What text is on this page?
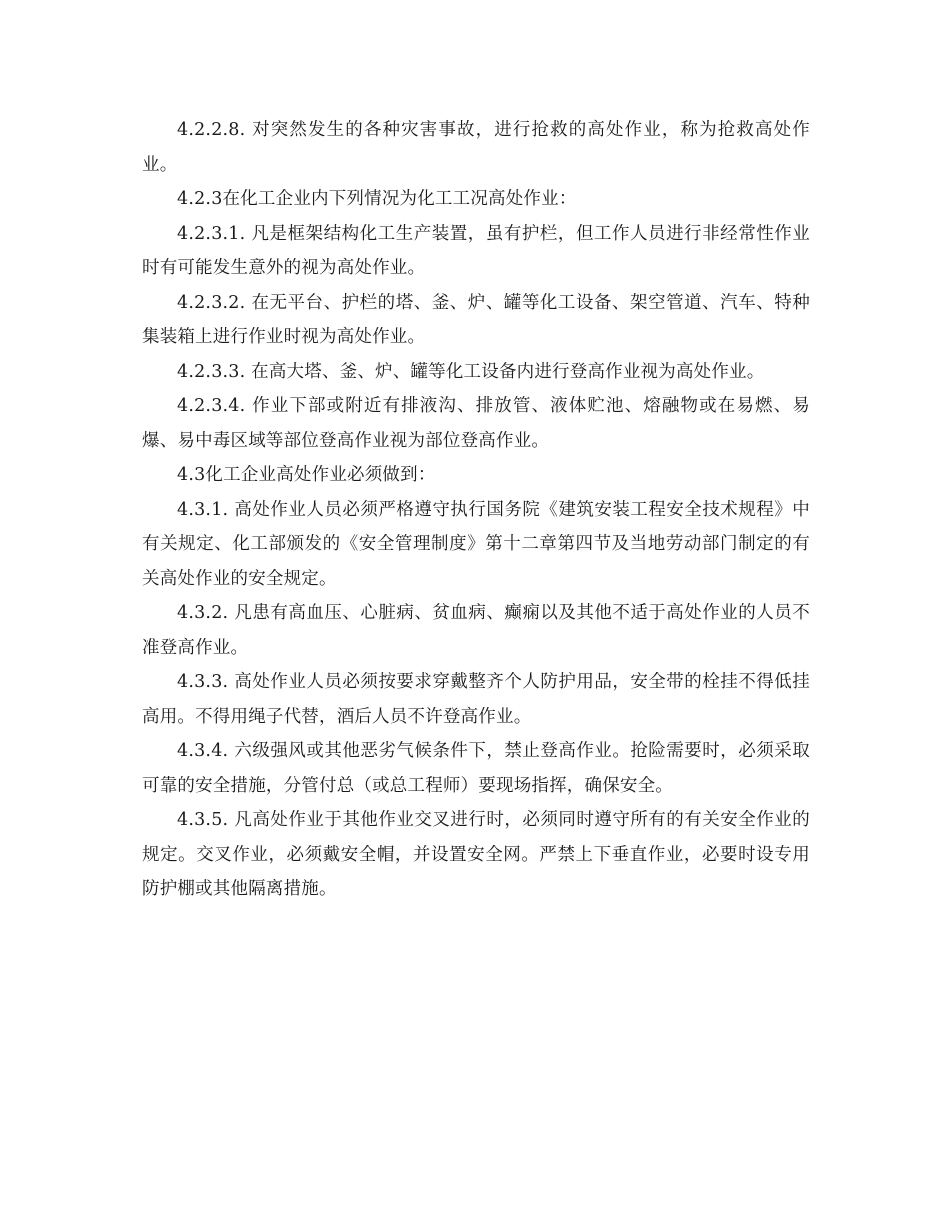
4.2.2.8. 对突然发生的各种灾害事故，进行抢救的高处作业，称为抢救高处作业。

4.2.3在化工企业内下列情况为化工工况高处作业：

4.2.3.1. 凡是框架结构化工生产装置，虽有护栏，但工作人员进行非经常性作业时有可能发生意外的视为高处作业。

4.2.3.2. 在无平台、护栏的塔、釜、炉、罐等化工设备、架空管道、汽车、特种集装箱上进行作业时视为高处作业。

4.2.3.3. 在高大塔、釜、炉、罐等化工设备内进行登高作业视为高处作业。

4.2.3.4. 作业下部或附近有排液沟、排放管、液体贮池、熔融物或在易燃、易爆、易中毒区域等部位登高作业视为部位登高作业。

4.3化工企业高处作业必须做到：

4.3.1. 高处作业人员必须严格遵守执行国务院《建筑安装工程安全技术规程》中有关规定、化工部颁发的《安全管理制度》第十二章第四节及当地劳动部门制定的有关高处作业的安全规定。

4.3.2. 凡患有高血压、心脏病、贫血病、癫痫以及其他不适于高处作业的人员不准登高作业。

4.3.3. 高处作业人员必须按要求穿戴整齐个人防护用品，安全带的栓挂不得低挂高用。不得用绳子代替，酒后人员不许登高作业。

4.3.4. 六级强风或其他恶劣气候条件下，禁止登高作业。抢险需要时，必须采取可靠的安全措施，分管付总（或总工程师）要现场指挥，确保安全。

4.3.5. 凡高处作业于其他作业交叉进行时，必须同时遵守所有的有关安全作业的规定。交叉作业，必须戴安全帽，并设置安全网。严禁上下垂直作业，必要时设专用防护棚或其他隔离措施。
